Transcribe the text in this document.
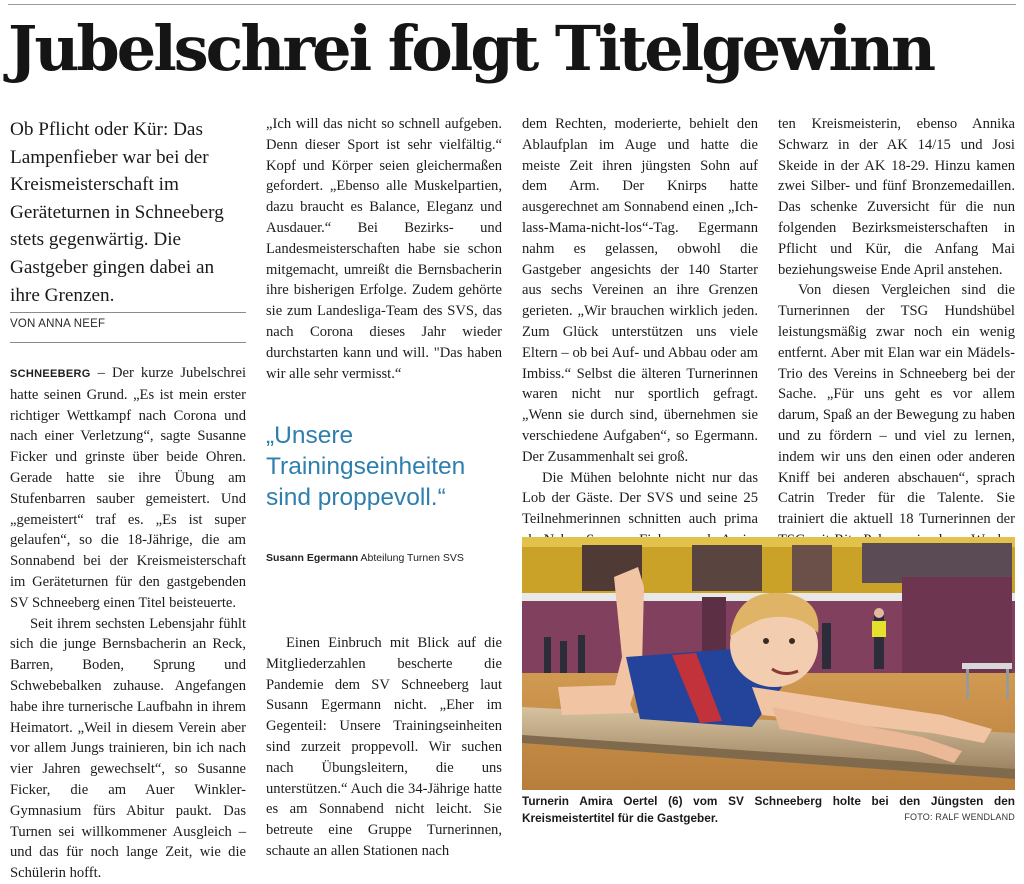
Jubelschrei folgt Titelgewinn
Ob Pflicht oder Kür: Das Lampenfieber war bei der Kreismeisterschaft im Geräteturnen in Schneeberg stets gegenwärtig. Die Gastgeber gingen dabei an ihre Grenzen.
VON ANNA NEEF

SCHNEEBERG – Der kurze Jubelschrei hatte seinen Grund. „Es ist mein erster richtiger Wettkampf nach Corona und nach einer Verletzung“, sagte Susanne Ficker und grinste über beide Ohren. Gerade hatte sie ihre Übung am Stufenbarren sauber gemeistert. Und „gemeistert“ traf es. „Es ist super gelaufen“, so die 18-Jährige, die am Sonnabend bei der Kreismeisterschaft im Geräteturnen für den gastgebenden SV Schneeberg einen Titel beisteuerte.

Seit ihrem sechsten Lebensjahr fühlt sich die junge Bernsbacherin an Reck, Barren, Boden, Sprung und Schwebebalken zuhause. Angefangen habe ihre turnerische Laufbahn in ihrem Heimatort. „Weil in diesem Verein aber vor allem Jungs trainieren, bin ich nach vier Jahren gewechselt“, so Susanne Ficker, die am Auer Winkler-Gymnasium fürs Abitur paukt. Das Turnen sei willkommener Ausgleich – und das für noch lange Zeit, wie die Schülerin hofft.

„Ich will das nicht so schnell aufgeben. Denn dieser Sport ist sehr vielfältig.“ Kopf und Körper seien gleichermaßen gefordert. „Ebenso alle Muskelpartien, dazu braucht es Balance, Eleganz und Ausdauer.“ Bei Bezirks- und Landesmeisterschaften habe sie schon mitgemacht, umreißt die Bernsbacherin ihre bisherigen Erfolge. Zudem gehörte sie zum Landesliga-Team des SVS, das nach Corona dieses Jahr wieder durchstarten kann und will. "Das haben wir alle sehr vermisst.“

„Unsere Trainingseinheiten sind proppevoll.“
Susann Egermann Abteilung Turnen SVS

Einen Einbruch mit Blick auf die Mitgliederzahlen bescherte die Pandemie dem SV Schneeberg laut Susann Egermann nicht. „Eher im Gegenteil: Unsere Trainingseinheiten sind zurzeit proppevoll. Wir suchen nach Übungsleitern, die uns unterstützen.“ Auch die 34-Jährige hatte es am Sonnabend nicht leicht. Sie betreute eine Gruppe Turnerinnen, schaute an allen Stationen nach

dem Rechten, moderierte, behielt den Ablaufplan im Auge und hatte die meiste Zeit ihren jüngsten Sohn auf dem Arm. Der Knirps hatte ausgerechnet am Sonnabend einen „Ich-lass-Mama-nicht-los“-Tag. Egermann nahm es gelassen, obwohl die Gastgeber angesichts der 140 Starter aus sechs Vereinen an ihre Grenzen gerieten. „Wir brauchen wirklich jeden. Zum Glück unterstützen uns viele Eltern – ob bei Auf- und Abbau oder am Imbiss.“ Selbst die älteren Turnerinnen waren nicht nur sportlich gefragt. „Wenn sie durch sind, übernehmen sie verschiedene Aufgaben“, so Egermann. Der Zusammenhalt sei groß.

Die Mühen belohnte nicht nur das Lob der Gäste. Der SVS und seine 25 Teilnehmerinnen schnitten auch prima

ten Kreismeisterin, ebenso Annika Schwarz in der AK 14/15 und Josi Skeide in der AK 18-29. Hinzu kamen zwei Silber- und fünf Bronzemedaillen. Das schenke Zuversicht für die nun folgenden Bezirksmeisterschaften in Pflicht und Kür, die Anfang Mai beziehungsweise Ende April anstehen.

Von diesen Vergleichen sind die Turnerinnen der TSG Hundshübel leistungsmäßig zwar noch ein wenig entfernt. Aber mit Elan war ein Mädels-Trio des Vereins in Schneeberg bei der Sache. „Für uns geht es vor allem darum, Spaß an der Bewegung zu haben und zu fördern – und viel zu lernen, indem wir uns den einen oder anderen Kniff bei anderen abschauen“, sprach Catrin Treder für die Talente. Sie trainiert die aktuell 18 Turnerinnen der

Turnerin Amira Oertel (6) vom SV Schneeberg holte bei den Jüngsten den Kreismeistertitel für die Gastgeber.	FOTO: RALF WENDLAND
